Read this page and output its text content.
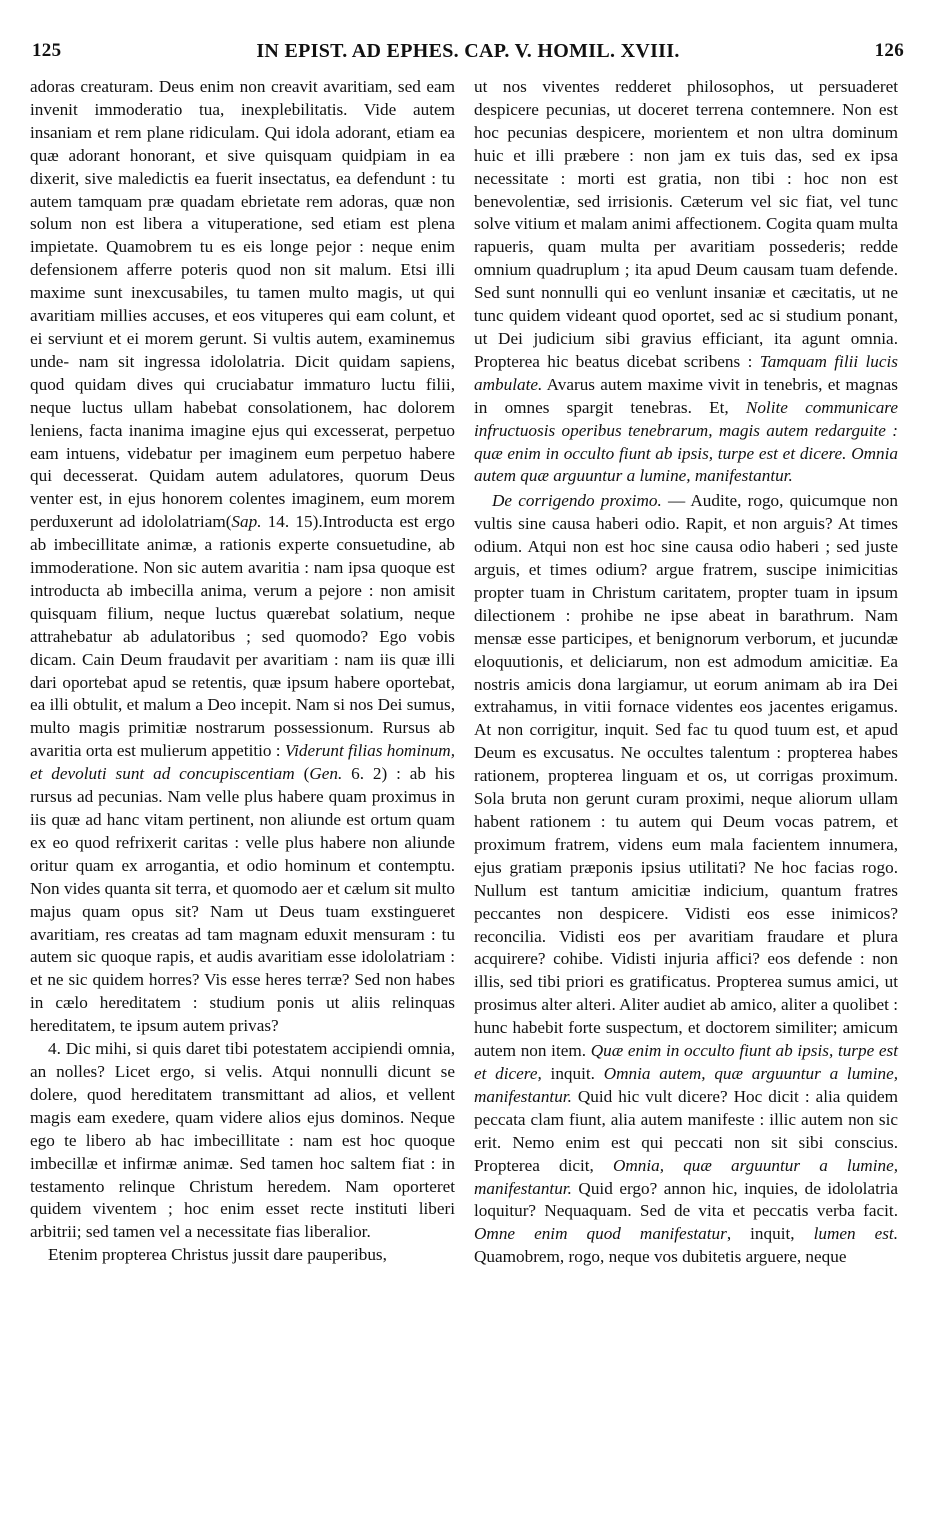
125	IN EPIST. AD EPHES. CAP. V. HOMIL. XVIII.	126

adoras creaturam. Deus enim non creavit avaritiam, sed eam invenit immoderatio tua, inexplebilitatis. Vide autem insaniam et rem plane ridiculam. Qui idola adorant, etiam ea quæ adorant honorant, et sive quisquam quidpiam in ea dixerit, sive maledictis ea fuerit insectatus, ea defendunt : tu autem tamquam præ quadam ebrietate rem adoras, quæ non solum non est libera a vituperatione, sed etiam est plena impietate. Quamobrem tu es eis longe pejor : neque enim defensionem afferre poteris quod non sit malum. Etsi illi maxime sunt inexcusabiles, tu tamen multo magis, ut qui avaritiam millies accuses, et eos vituperes qui eam colunt, et ei serviunt et ei morem gerunt. Si vultis autem, examinemus unde- nam sit ingressa idololatria. Dicit quidam sapiens, quod quidam dives qui cruciabatur immaturo luctu filii, neque luctus ullam habebat consolationem, hac dolorem leniens, facta inanima imagine ejus qui excesserat, perpetuo eam intuens, videbatur per imaginem eum perpetuo habere qui decesserat. Quidam autem adulatores, quorum Deus venter est, in ejus honorem colentes imaginem, eum morem perduxerunt ad idololatriam(Sap. 14. 15).Introducta est ergo ab imbecillitate animæ, a rationis experte consuetudine, ab immoderatione. Non sic autem avaritia : nam ipsa quoque est introducta ab imbecilla anima, verum a pejore : non amisit quisquam filium, neque luctus quærebat solatium, neque attrahebatur ab adulatoribus ; sed quomodo? Ego vobis dicam. Cain Deum fraudavit per avaritiam : nam iis quæ illi dari oportebat apud se retentis, quæ ipsum habere oportebat, ea illi obtulit, et malum a Deo incepit. Nam si nos Dei sumus, multo magis primitiæ nostrarum possessionum. Rursus ab avaritia orta est mulierum appetitio : Viderunt filias hominum, et devoluti sunt ad concupiscentiam (Gen. 6. 2) : ab his rursus ad pecunias. Nam velle plus habere quam proximus in iis quæ ad hanc vitam pertinent, non aliunde est ortum quam ex eo quod refrixerit caritas : velle plus habere non aliunde oritur quam ex arrogantia, et odio hominum et contemptu. Non vides quanta sit terra, et quomodo aer et cælum sit multo majus quam opus sit? Nam ut Deus tuam exstingueret avaritiam, res creatas ad tam magnam eduxit mensuram : tu autem sic quoque rapis, et audis avaritiam esse idololatriam : et ne sic quidem horres? Vis esse heres terræ? Sed non habes in cælo hereditatem : studium ponis ut aliis relinquas hereditatem, te ipsum autem privas?

4. Dic mihi, si quis daret tibi potestatem accipiendi omnia, an nolles? Licet ergo, si velis. Atqui nonnulli dicunt se dolere, quod hereditatem transmittant ad alios, et vellent magis eam exedere, quam videre alios ejus dominos. Neque ego te libero ab hac imbecillitate : nam est hoc quoque imbecillæ et infirmæ animæ. Sed tamen hoc saltem fiat : in testamento relinque Christum heredem. Nam oporteret quidem viventem ; hoc enim esset recte instituti liberi arbitrii; sed tamen vel a necessitate fias liberalior.

Etenim propterea Christus jussit dare pauperibus,

ut nos viventes redderet philosophos, ut persuaderet despicere pecunias, ut doceret terrena contemnere. Non est hoc pecunias despicere, morientem et non ultra dominum huic et illi præbere : non jam ex tuis das, sed ex ipsa necessitate : morti est gratia, non tibi : hoc non est benevolentiæ, sed irrisionis. Cæterum vel sic fiat, vel tunc solve vitium et malam animi affectionem. Cogita quam multa rapueris, quam multa per avaritiam possederis; redde omnium quadruplum ; ita apud Deum causam tuam defende. Sed sunt nonnulli qui eo venlunt insaniæ et cæcitatis, ut ne tunc quidem videant quod oportet, sed ac si studium ponant, ut Dei judicium sibi gravius efficiant, ita agunt omnia. Propterea hic beatus dicebat scribens : Tamquam filii lucis ambulate. Avarus autem maxime vivit in tenebris, et magnas in omnes spargit tenebras. Et, Nolite communicare infructuosis operibus tenebrarum, magis autem redarguite : quæ enim in occulto fiunt ab ipsis, turpe est et dicere. Omnia autem quæ arguuntur a lumine, manifestantur.

De corrigendo proximo. — Audite, rogo, quicumque non vultis sine causa haberi odio. Rapit, et non arguis? At times odium. Atqui non est hoc sine causa odio haberi ; sed juste arguis, et times odium? argue fratrem, suscipe inimicitias propter tuam in Christum caritatem, propter tuam in ipsum dilectionem : prohibe ne ipse abeat in barathrum. Nam mensæ esse participes, et benignorum verborum, et jucundæ eloquutionis, et deliciarum, non est admodum amicitiæ. Ea nostris amicis dona largiamur, ut eorum animam ab ira Dei extrahamus, in vitii fornace videntes eos jacentes erigamus. At non corrigitur, inquit. Sed fac tu quod tuum est, et apud Deum es excusatus. Ne occultes talentum : propterea habes rationem, propterea linguam et os, ut corrigas proximum. Sola bruta non gerunt curam proximi, neque aliorum ullam habent rationem : tu autem qui Deum vocas patrem, et proximum fratrem, videns eum mala facientem innumera, ejus gratiam præponis ipsius utilitati? Ne hoc facias rogo. Nullum est tantum amicitiæ indicium, quantum fratres peccantes non despicere. Vidisti eos esse inimicos? reconcilia. Vidisti eos per avaritiam fraudare et plura acquirere? cohibe. Vidisti injuria affici? eos defende : non illis, sed tibi priori es gratificatus. Propterea sumus amici, ut prosimus alter alteri. Aliter audiet ab amico, aliter a quolibet : hunc habebit forte suspectum, et doctorem similiter; amicum autem non item. Quæ enim in occulto fiunt ab ipsis, turpe est et dicere, inquit. Omnia autem, quæ arguuntur a lumine, manifestantur. Quid hic vult dicere? Hoc dicit : alia quidem peccata clam fiunt, alia autem manifeste : illic autem non sic erit. Nemo enim est qui peccati non sit sibi conscius. Propterea dicit, Omnia, quæ arguuntur a lumine, manifestantur. Quid ergo? annon hic, inquies, de idololatria loquitur? Nequaquam. Sed de vita et peccatis verba facit. Omne enim quod manifestatur, inquit, lumen est. Quamobrem, rogo, neque vos dubitetis arguere, neque
